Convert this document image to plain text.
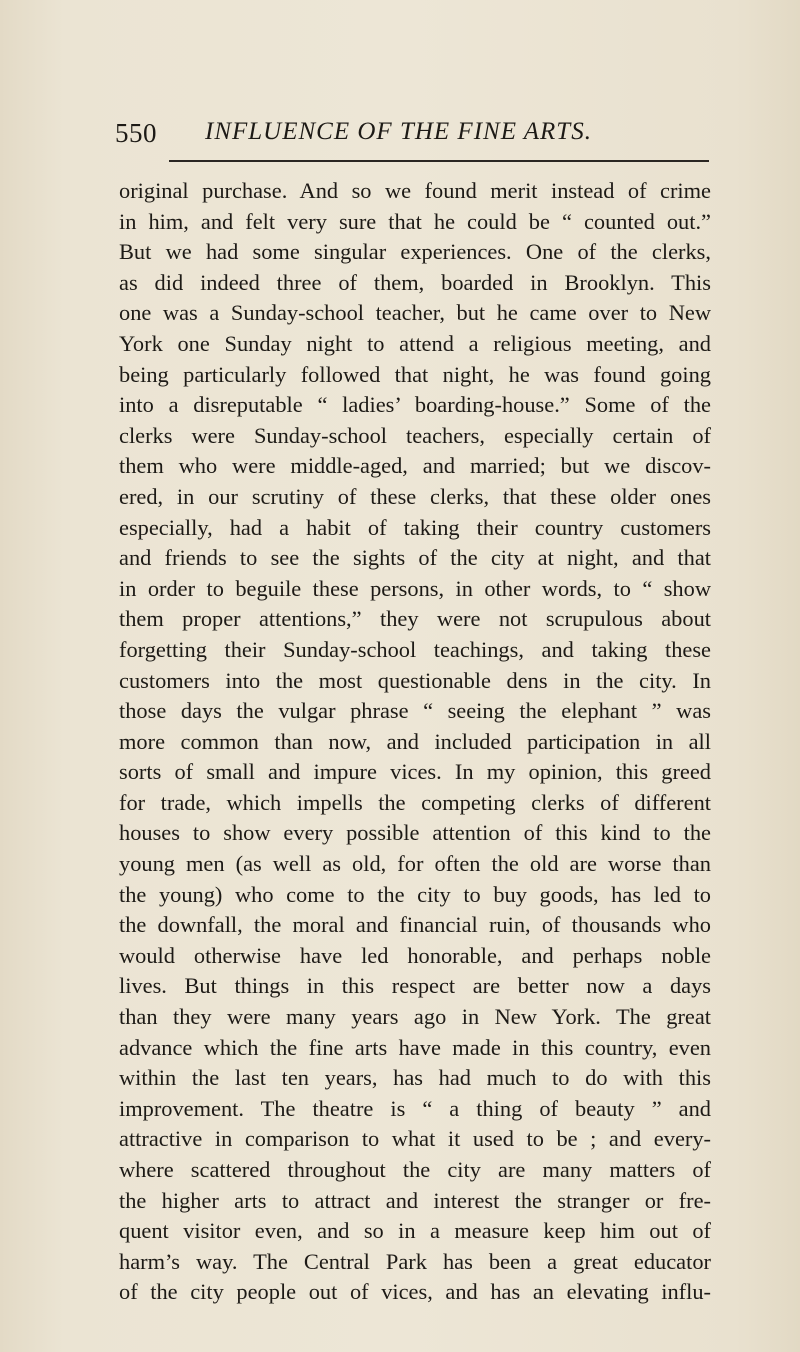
550 INFLUENCE OF THE FINE ARTS.
original purchase. And so we found merit instead of crime
in him, and felt very sure that he could be “ counted out.”
But we had some singular experiences. One of the clerks,
as did indeed three of them, boarded in Brooklyn. This
one was a Sunday-school teacher, but he came over to New
York one Sunday night to attend a religious meeting, and
being particularly followed that night, he was found going
into a disreputable “ ladies’ boarding-house.” Some of the
clerks were Sunday-school teachers, especially certain of
them who were middle-aged, and married; but we discov-
ered, in our scrutiny of these clerks, that these older ones
especially, had a habit of taking their country customers
and friends to see the sights of the city at night, and that
in order to beguile these persons, in other words, to “ show
them proper attentions,” they were not scrupulous about
forgetting their Sunday-school teachings, and taking these
customers into the most questionable dens in the city. In
those days the vulgar phrase “ seeing the elephant ” was
more common than now, and included participation in all
sorts of small and impure vices. In my opinion, this greed
for trade, which impells the competing clerks of different
houses to show every possible attention of this kind to the
young men (as well as old, for often the old are worse than
the young) who come to the city to buy goods, has led to
the downfall, the moral and financial ruin, of thousands who
would otherwise have led honorable, and perhaps noble
lives. But things in this respect are better now a days
than they were many years ago in New York. The great
advance which the fine arts have made in this country, even
within the last ten years, has had much to do with this
improvement. The theatre is “ a thing of beauty ” and
attractive in comparison to what it used to be ; and every-
where scattered throughout the city are many matters of
the higher arts to attract and interest the stranger or fre-
quent visitor even, and so in a measure keep him out of
harm’s way. The Central Park has been a great educator
of the city people out of vices, and has an elevating influ-
